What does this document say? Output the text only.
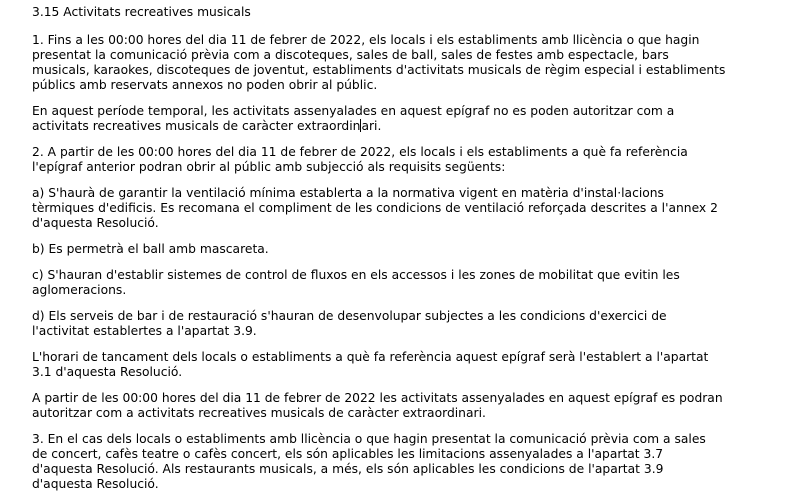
3.15 Activitats recreatives musicals
1. Fins a les 00:00 hores del dia 11 de febrer de 2022, els locals i els establiments amb llicència o que hagin
presentat la comunicació prèvia com a discoteques, sales de ball, sales de festes amb espectacle, bars
musicals, karaokes, discoteques de joventut, establiments d'activitats musicals de règim especial i establiments
públics amb reservats annexos no poden obrir al públic.
En aquest període temporal, les activitats assenyalades en aquest epígraf no es poden autoritzar com a
activitats recreatives musicals de caràcter extraordinari.
2. A partir de les 00:00 hores del dia 11 de febrer de 2022, els locals i els establiments a què fa referència
l'epígraf anterior podran obrir al públic amb subjecció als requisits següents:
a) S'haurà de garantir la ventilació mínima establerta a la normativa vigent en matèria d'instal·lacions
tèrmiques d'edificis. Es recomana el compliment de les condicions de ventilació reforçada descrites a l'annex 2
d'aquesta Resolució.
b) Es permetrà el ball amb mascareta.
c) S'hauran d'establir sistemes de control de fluxos en els accessos i les zones de mobilitat que evitin les
aglomeracions.
d) Els serveis de bar i de restauració s'hauran de desenvolupar subjectes a les condicions d'exercici de
l'activitat establertes a l'apartat 3.9.
L'horari de tancament dels locals o establiments a què fa referència aquest epígraf serà l'establert a l'apartat
3.1 d'aquesta Resolució.
A partir de les 00:00 hores del dia 11 de febrer de 2022 les activitats assenyalades en aquest epígraf es podran
autoritzar com a activitats recreatives musicals de caràcter extraordinari.
3. En el cas dels locals o establiments amb llicència o que hagin presentat la comunicació prèvia com a sales
de concert, cafès teatre o cafès concert, els són aplicables les limitacions assenyalades a l'apartat 3.7
d'aquesta Resolució. Als restaurants musicals, a més, els són aplicables les condicions de l'apartat 3.9
d'aquesta Resolució.
